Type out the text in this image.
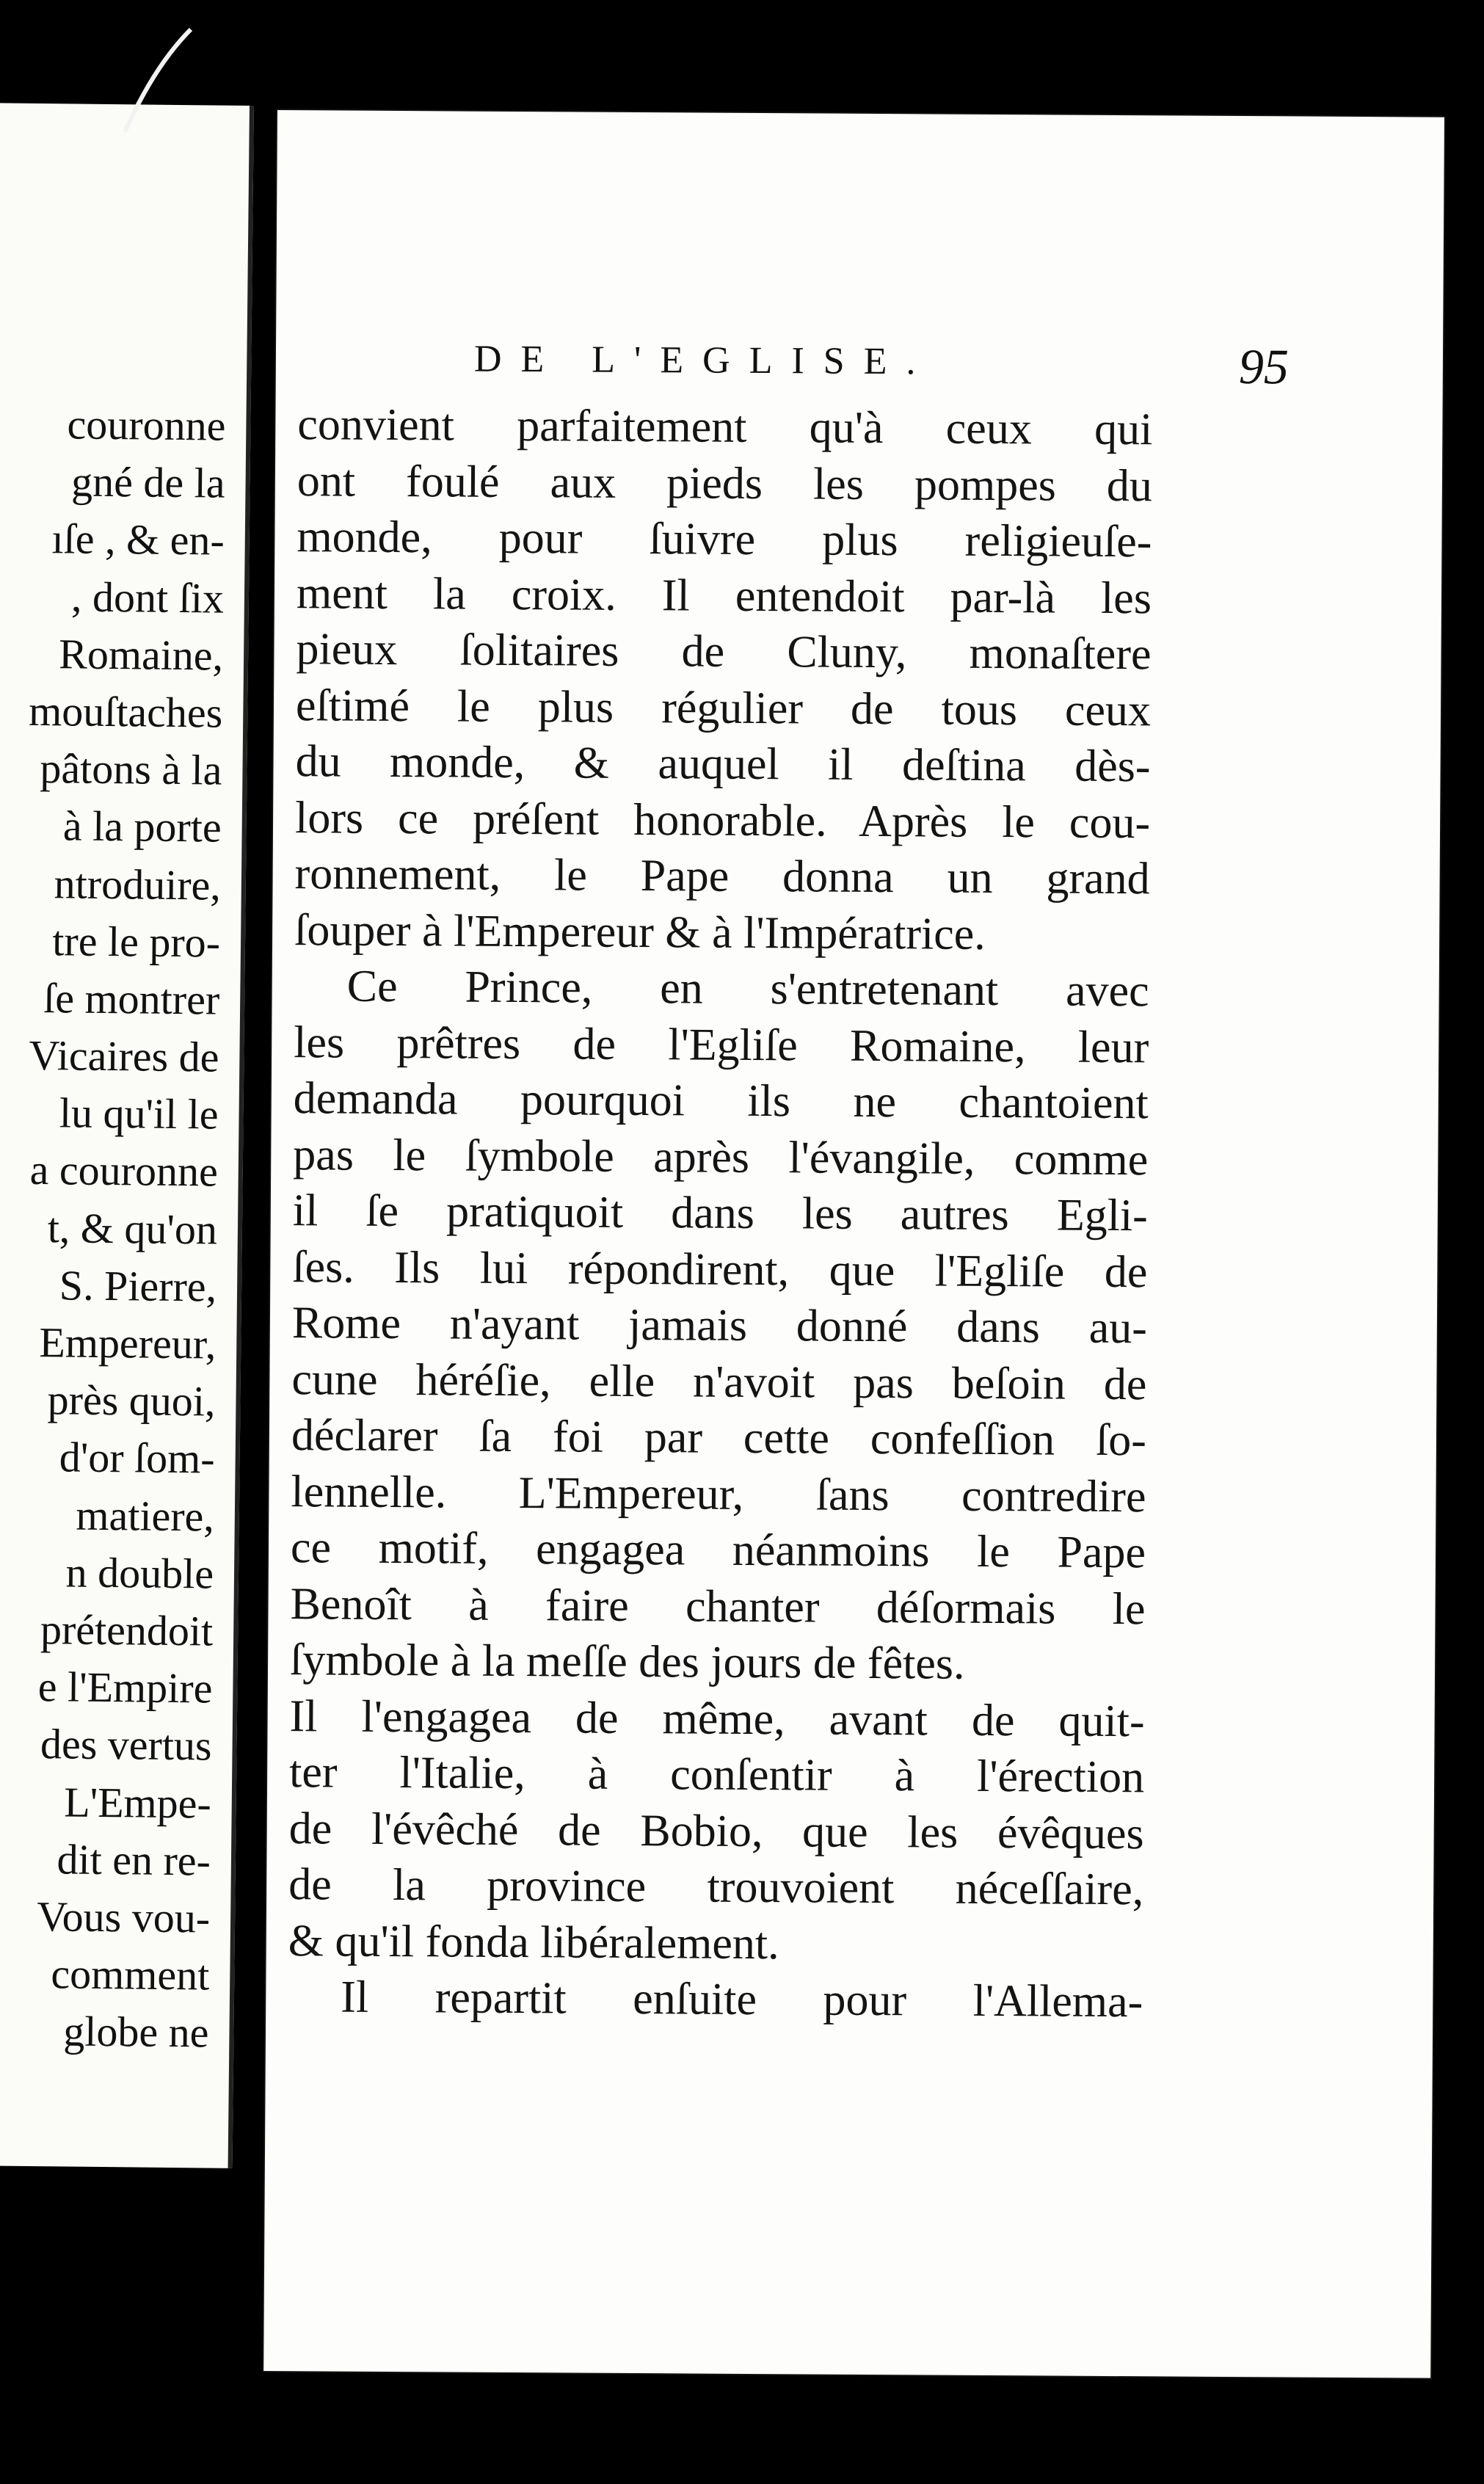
couronne
gné de la
ıſe , & en-
, dont ſix
Romaine,
mouſtaches
pâtons à la
à la porte
ntroduire,
tre le pro-
ſe montrer
Vicaires de
lu qu'il le
a couronne
t, & qu'on
S. Pierre,
Empereur,
près quoi,
d'or ſom-
matiere,
n double
prétendoit
e l'Empire
des vertus
L'Empe-
dit en re-
Vous vou-
comment
globe ne
DE L'EGLISE.	95
convient parfaitement qu'à ceux qui
ont foulé aux pieds les pompes du
monde, pour ſuivre plus religieuſe-
ment la croix. Il entendoit par-là les
pieux ſolitaires de Cluny, monaſtere
eſtimé le plus régulier de tous ceux
du monde, & auquel il deſtina dès-
lors ce préſent honorable. Après le cou-
ronnement, le Pape donna un grand
ſouper à l'Empereur & à l'Impératrice.
Ce Prince, en s'entretenant avec
les prêtres de l'Egliſe Romaine, leur
demanda pourquoi ils ne chantoient
pas le ſymbole après l'évangile, comme
il ſe pratiquoit dans les autres Egli-
ſes. Ils lui répondirent, que l'Egliſe de
Rome n'ayant jamais donné dans au-
cune héréſie, elle n'avoit pas beſoin de
déclarer ſa foi par cette confeſſion ſo-
lennelle. L'Empereur, ſans contredire
ce motif, engagea néanmoins le Pape
Benoît à faire chanter déſormais le
ſymbole à la meſſe des jours de fêtes.
Il l'engagea de même, avant de quit-
ter l'Italie, à conſentir à l'érection
de l'évêché de Bobio, que les évêques
de la province trouvoient néceſſaire,
& qu'il fonda libéralement.
Il repartit enſuite pour l'Allema-
